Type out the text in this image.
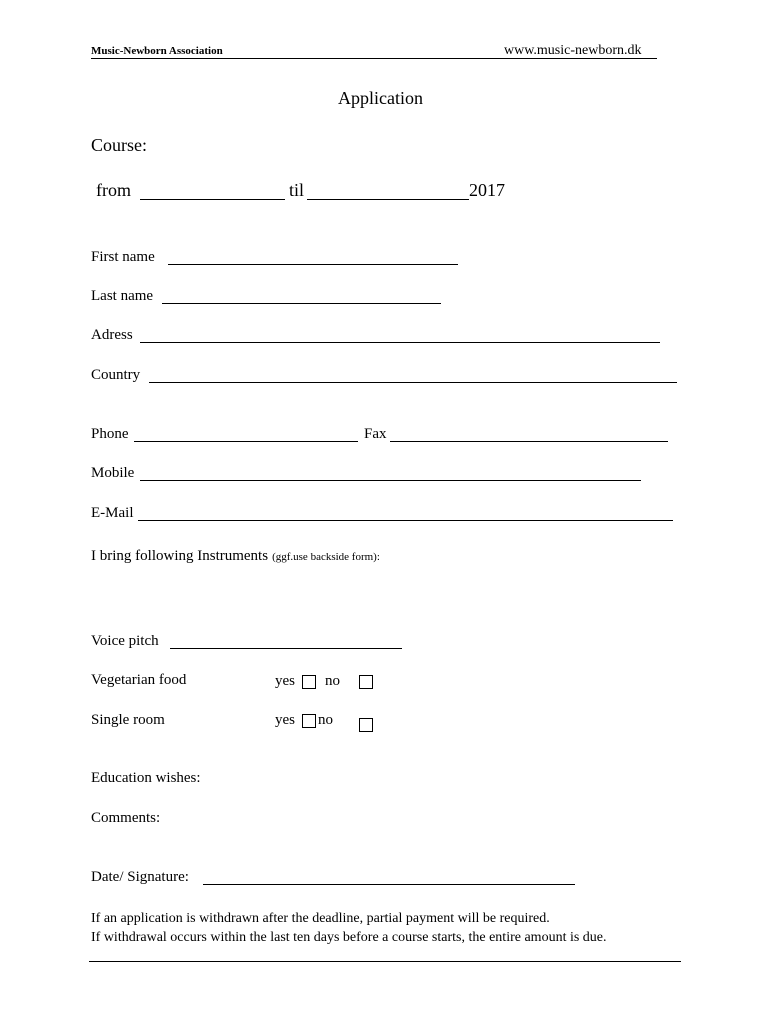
Music-Newborn Association	www.music-newborn.dk
Application
Course:
from	til	2017
First name
Last name
Adress
Country
Phone	Fax
Mobile
E-Mail
I bring following Instruments (ggf.use backside form):
Voice pitch
Vegetarian food	yes no
Single room	yes no
Education wishes:
Comments:
Date/ Signature:
If an application is withdrawn after the deadline, partial payment will be required.
If withdrawal occurs within the last ten days before a course starts, the entire amount is due.
